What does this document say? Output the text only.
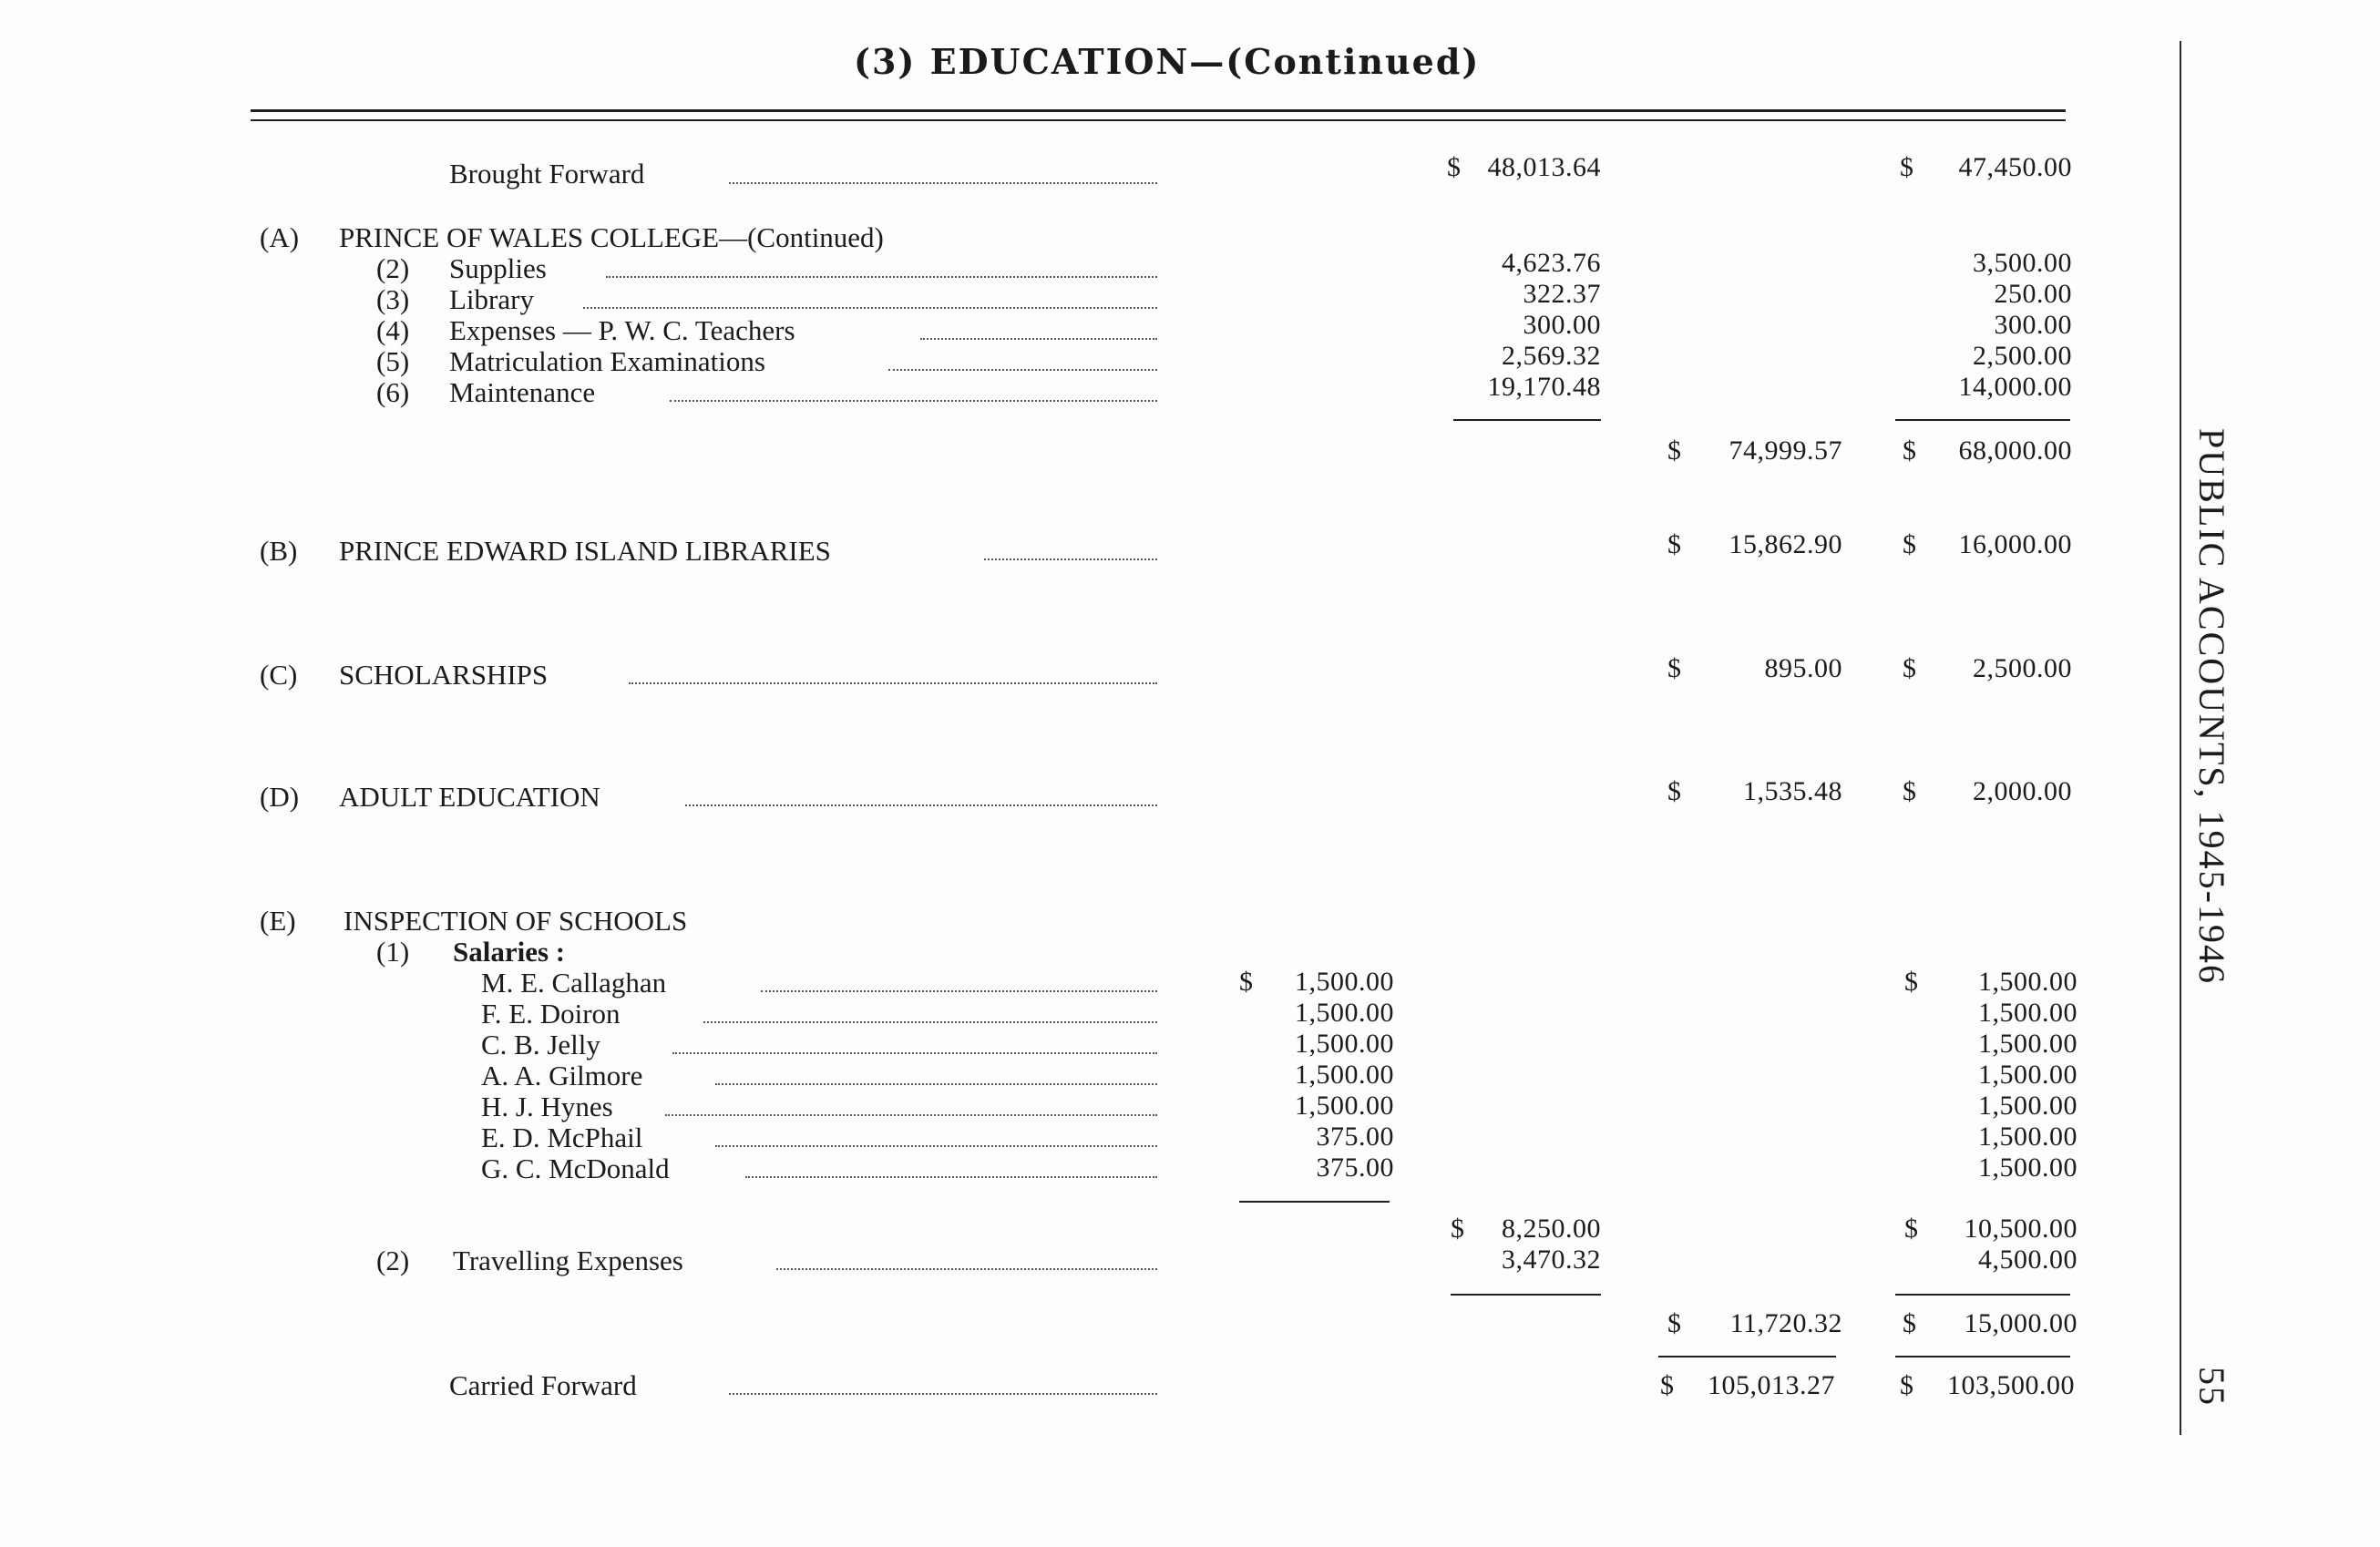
(3) EDUCATION—(Continued)
PUBLIC ACCOUNTS, 1945-1946
55
Brought Forward	$ 48,013.64	$ 47,450.00
(A) PRINCE OF WALES COLLEGE—(Continued)
(2) Supplies	4,623.76	3,500.00
(3) Library	322.37	250.00
(4) Expenses — P. W. C. Teachers	300.00	300.00
(5) Matriculation Examinations	2,569.32	2,500.00
(6) Maintenance	19,170.48	14,000.00
$ 74,999.57 $ 68,000.00
(B) PRINCE EDWARD ISLAND LIBRARIES	$ 15,862.90 $ 16,000.00
(C) SCHOLARSHIPS	$	895.00 $ 2,500.00
(D) ADULT EDUCATION	$ 1,535.48 $ 2,000.00
(E) INSPECTION OF SCHOOLS
(1) Salaries :
$	$
M. E. Callaghan	1,500.00	1,500.00
F. E. Doiron	1,500.00	1,500.00
C. B. Jelly	1,500.00	1,500.00
A. A. Gilmore	1,500.00	1,500.00
H. J. Hynes	1,500.00	1,500.00
E. D. McPhail	375.00	1,500.00
G. C. McDonald	375.00	1,500.00
$ 8,250.00	$ 10,500.00
(2) Travelling Expenses	3,470.32	4,500.00
$ 11,720.32 $ 15,000.00
Carried Forward	$ 105,013.27 $ 103,500.00
